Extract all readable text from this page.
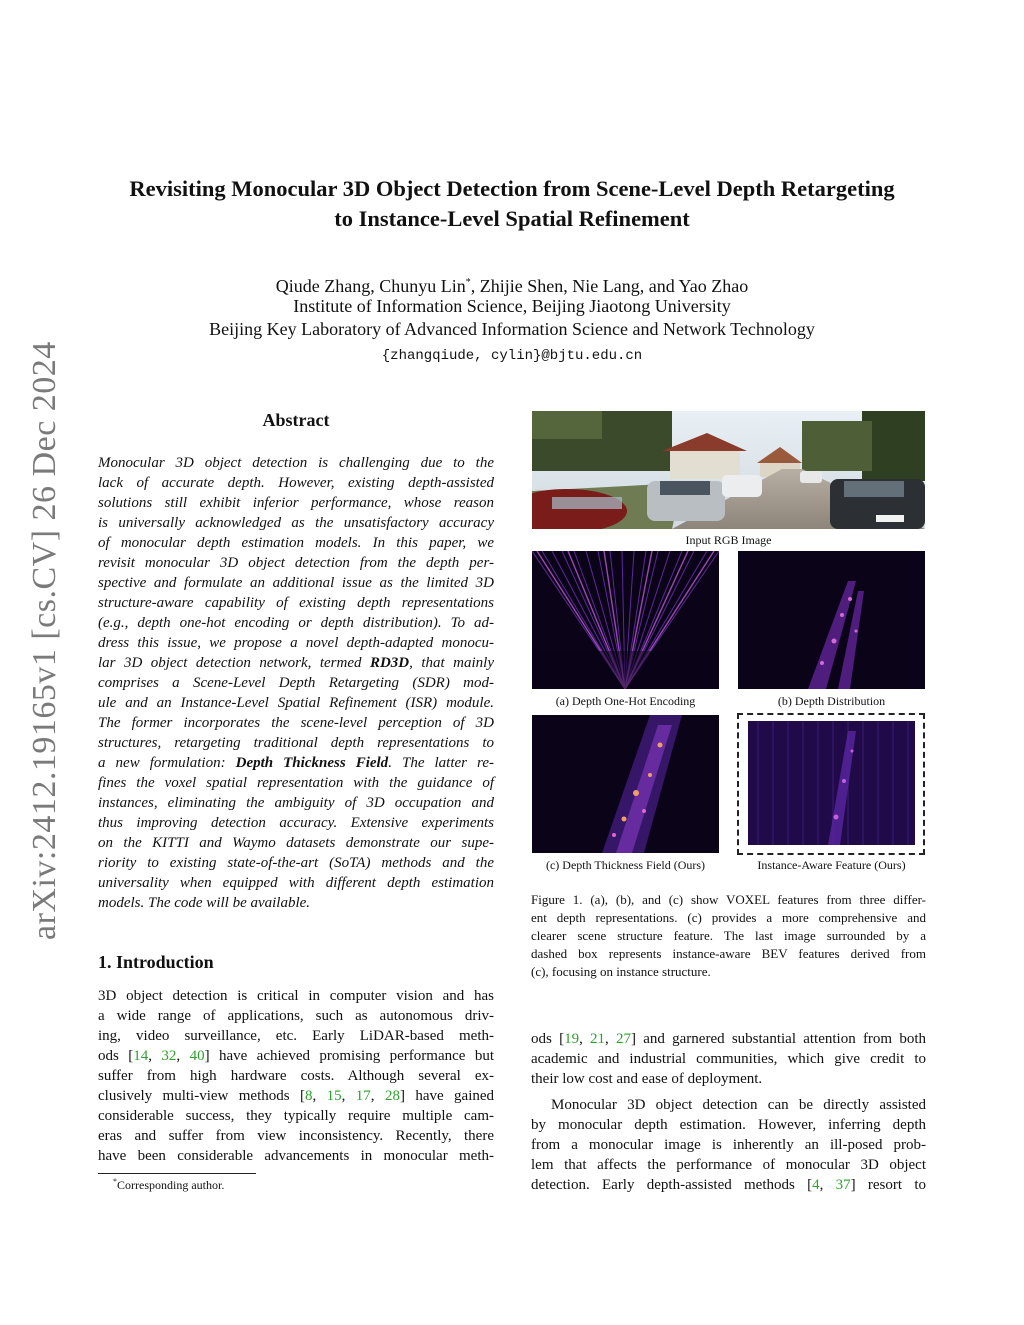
arXiv:2412.19165v1 [cs.CV] 26 Dec 2024
Revisiting Monocular 3D Object Detection from Scene-Level Depth Retargeting
to Instance-Level Spatial Refinement
Qiude Zhang, Chunyu Lin*, Zhijie Shen, Nie Lang, and Yao Zhao
Institute of Information Science, Beijing Jiaotong University
Beijing Key Laboratory of Advanced Information Science and Network Technology
{zhangqiude, cylin}@bjtu.edu.cn
Abstract
Monocular 3D object detection is challenging due to the
lack of accurate depth. However, existing depth-assisted
solutions still exhibit inferior performance, whose reason
is universally acknowledged as the unsatisfactory accuracy
of monocular depth estimation models. In this paper, we
revisit monocular 3D object detection from the depth per-
spective and formulate an additional issue as the limited 3D
structure-aware capability of existing depth representations
(e.g., depth one-hot encoding or depth distribution). To ad-
dress this issue, we propose a novel depth-adapted monocu-
lar 3D object detection network, termed RD3D, that mainly
comprises a Scene-Level Depth Retargeting (SDR) mod-
ule and an Instance-Level Spatial Refinement (ISR) module.
The former incorporates the scene-level perception of 3D
structures, retargeting traditional depth representations to
a new formulation: Depth Thickness Field. The latter re-
fines the voxel spatial representation with the guidance of
instances, eliminating the ambiguity of 3D occupation and
thus improving detection accuracy. Extensive experiments
on the KITTI and Waymo datasets demonstrate our supe-
riority to existing state-of-the-art (SoTA) methods and the
universality when equipped with different depth estimation
models. The code will be available.
1. Introduction
3D object detection is critical in computer vision and has
a wide range of applications, such as autonomous driv-
ing, video surveillance, etc. Early LiDAR-based meth-
ods [14, 32, 40] have achieved promising performance but
suffer from high hardware costs. Although several ex-
clusively multi-view methods [8, 15, 17, 28] have gained
considerable success, they typically require multiple cam-
eras and suffer from view inconsistency. Recently, there
have been considerable advancements in monocular meth-
*Corresponding author.
Input RGB Image
(a) Depth One-Hot Encoding	(b) Depth Distribution
(c) Depth Thickness Field (Ours)	Instance-Aware Feature (Ours)
Figure 1. (a), (b), and (c) show VOXEL features from three differ-
ent depth representations. (c) provides a more comprehensive and
clearer scene structure feature. The last image surrounded by a
dashed box represents instance-aware BEV features derived from
(c), focusing on instance structure.
ods [19, 21, 27] and garnered substantial attention from both
academic and industrial communities, which give credit to
their low cost and ease of deployment.
Monocular 3D object detection can be directly assisted
by monocular depth estimation. However, inferring depth
from a monocular image is inherently an ill-posed prob-
lem that affects the performance of monocular 3D object
detection. Early depth-assisted methods [4, 37] resort to
